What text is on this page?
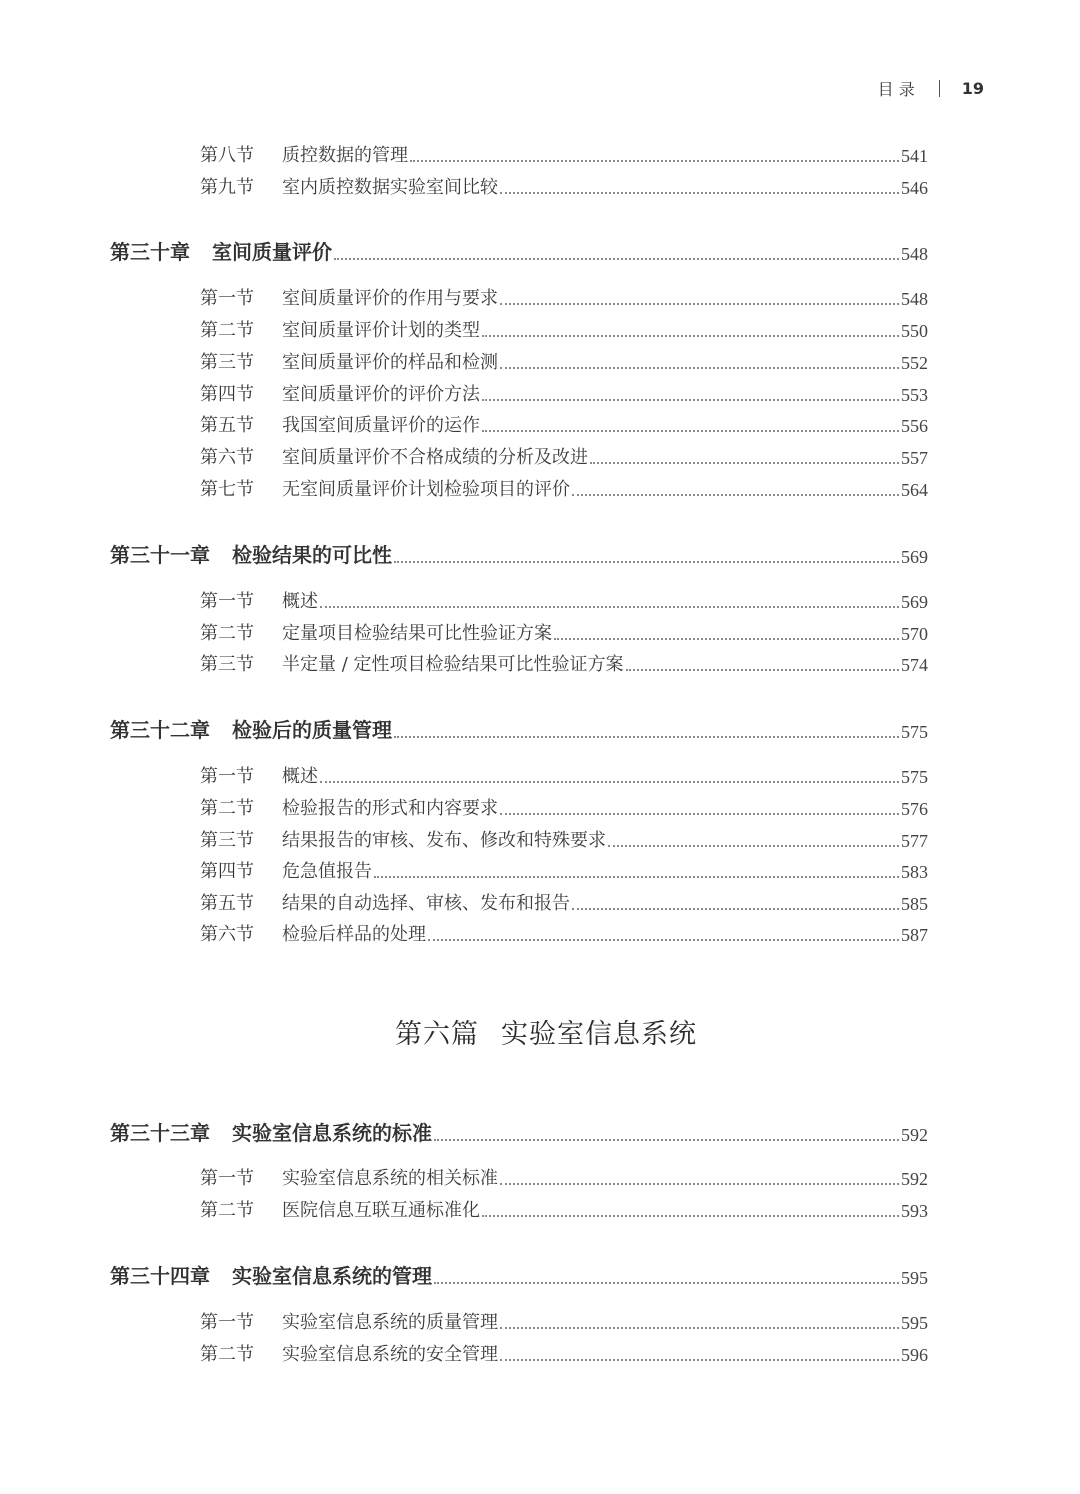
目 录	19
第八节 质控数据的管理	541
第九节 室内质控数据实验室间比较	546
第三十章 室间质量评价	548
第一节 室间质量评价的作用与要求	548
第二节 室间质量评价计划的类型	550
第三节 室间质量评价的样品和检测	552
第四节 室间质量评价的评价方法	553
第五节 我国室间质量评价的运作	556
第六节 室间质量评价不合格成绩的分析及改进	557
第七节 无室间质量评价计划检验项目的评价	564
第三十一章 检验结果的可比性	569
第一节 概述	569
第二节 定量项目检验结果可比性验证方案	570
第三节 半定量 / 定性项目检验结果可比性验证方案	574
第三十二章 检验后的质量管理	575
第一节 概述	575
第二节 检验报告的形式和内容要求	576
第三节 结果报告的审核、发布、修改和特殊要求	577
第四节 危急值报告	583
第五节 结果的自动选择、审核、发布和报告	585
第六节 检验后样品的处理	587
第三十三章 实验室信息系统的标准	592
第一节 实验室信息系统的相关标准	592
第二节 医院信息互联互通标准化	593
第三十四章 实验室信息系统的管理	595
第一节 实验室信息系统的质量管理	595
第二节 实验室信息系统的安全管理	596
第六篇 实验室信息系统
